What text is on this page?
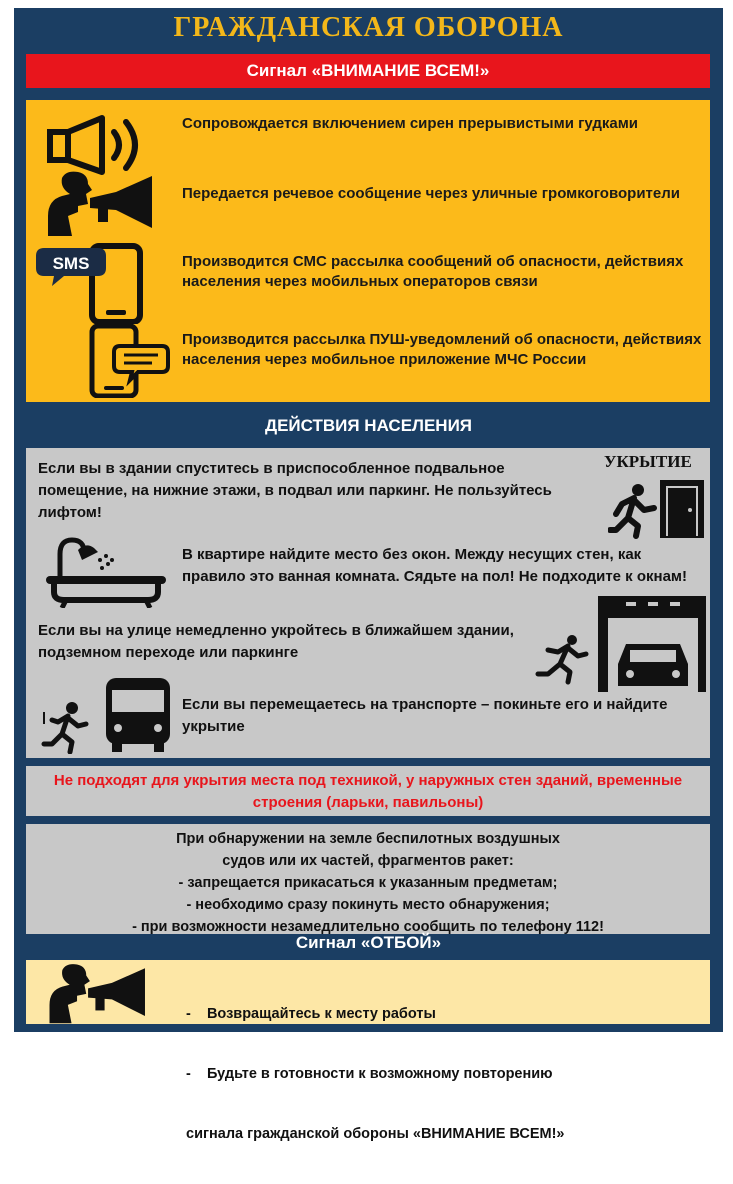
ГРАЖДАНСКАЯ ОБОРОНА
Сигнал «ВНИМАНИЕ ВСЕМ!»
Сопровождается включением сирен прерывистыми гудками
Передается речевое сообщение через уличные громкоговорители
SMS	Производится СМС рассылка сообщений об опасности, действиях населения через мобильных операторов связи
Производится рассылка ПУШ-уведомлений об опасности, действиях населения через мобильное приложение МЧС России
ДЕЙСТВИЯ НАСЕЛЕНИЯ
Если вы в здании спуститесь в приспособленное подвальное помещение, на нижние этажи, в подвал или паркинг. Не пользуйтесь лифтом!
УКРЫТИЕ
В квартире найдите место без окон. Между несущих стен, как правило это ванная комната. Сядьте на пол! Не подходите к окнам!
Если вы на улице немедленно укройтесь в ближайшем здании, подземном переходе или паркинге
Если вы перемещаетесь на транспорте – покиньте его и найдите укрытие
Не подходят для укрытия места под техникой, у наружных стен зданий, временные строения (ларьки, павильоны)
При обнаружении на земле беспилотных воздушных
судов или их частей, фрагментов ракет:
- запрещается прикасаться к указанным предметам;
- необходимо сразу покинуть место обнаружения;
- при возможности незамедлительно сообщить по телефону 112!
Сигнал «ОТБОЙ»

-    Возвращайтесь к месту работы

-    Будьте в готовности к возможному повторению

сигнала гражданской обороны «ВНИМАНИЕ ВСЕМ!»
